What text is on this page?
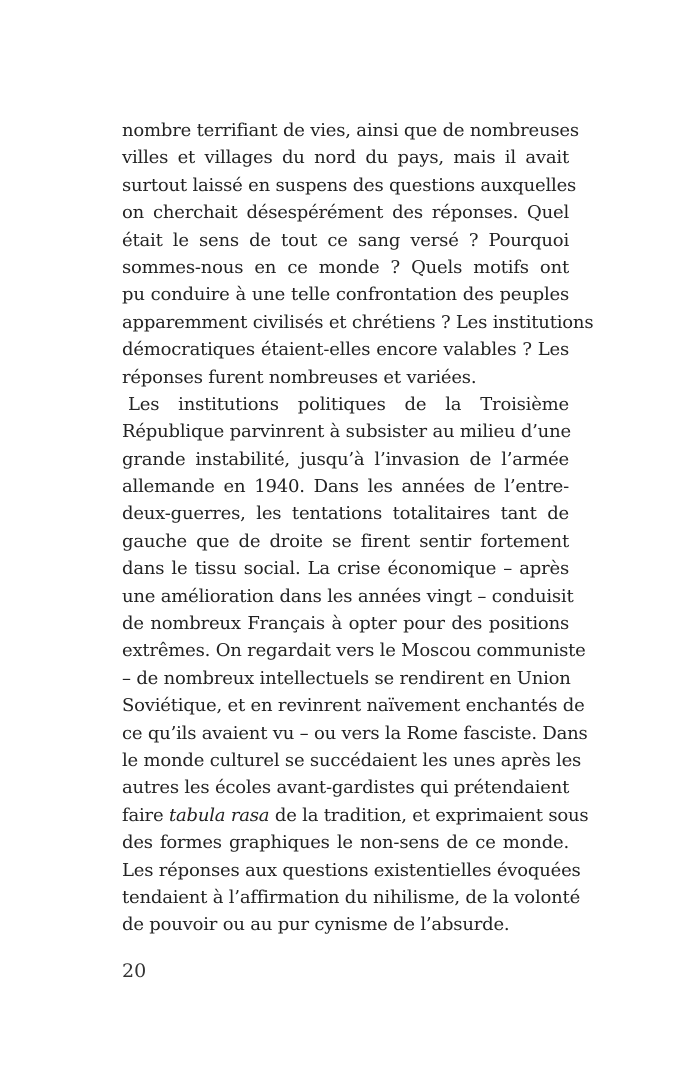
nombre terrifiant de vies, ainsi que de nombreuses
villes et villages du nord du pays, mais il avait
surtout laissé en suspens des questions auxquelles
on cherchait désespérément des réponses. Quel
était le sens de tout ce sang versé ? Pourquoi
sommes-nous en ce monde ? Quels motifs ont
pu conduire à une telle confrontation des peuples
apparemment civilisés et chrétiens ? Les institutions
démocratiques étaient-elles encore valables ? Les
réponses furent nombreuses et variées.
Les institutions politiques de la Troisième
République parvinrent à subsister au milieu d’une
grande instabilité, jusqu’à l’invasion de l’armée
allemande en 1940. Dans les années de l’entre-
deux-guerres, les tentations totalitaires tant de
gauche que de droite se firent sentir fortement
dans le tissu social. La crise économique – après
une amélioration dans les années vingt – conduisit
de nombreux Français à opter pour des positions
extrêmes. On regardait vers le Moscou communiste
– de nombreux intellectuels se rendirent en Union
Soviétique, et en revinrent naïvement enchantés de
ce qu’ils avaient vu – ou vers la Rome fasciste. Dans
le monde culturel se succédaient les unes après les
autres les écoles avant-gardistes qui prétendaient
faire tabula rasa de la tradition, et exprimaient sous
des formes graphiques le non-sens de ce monde.
Les réponses aux questions existentielles évoquées
tendaient à l’affirmation du nihilisme, de la volonté
de pouvoir ou au pur cynisme de l’absurde.
20
